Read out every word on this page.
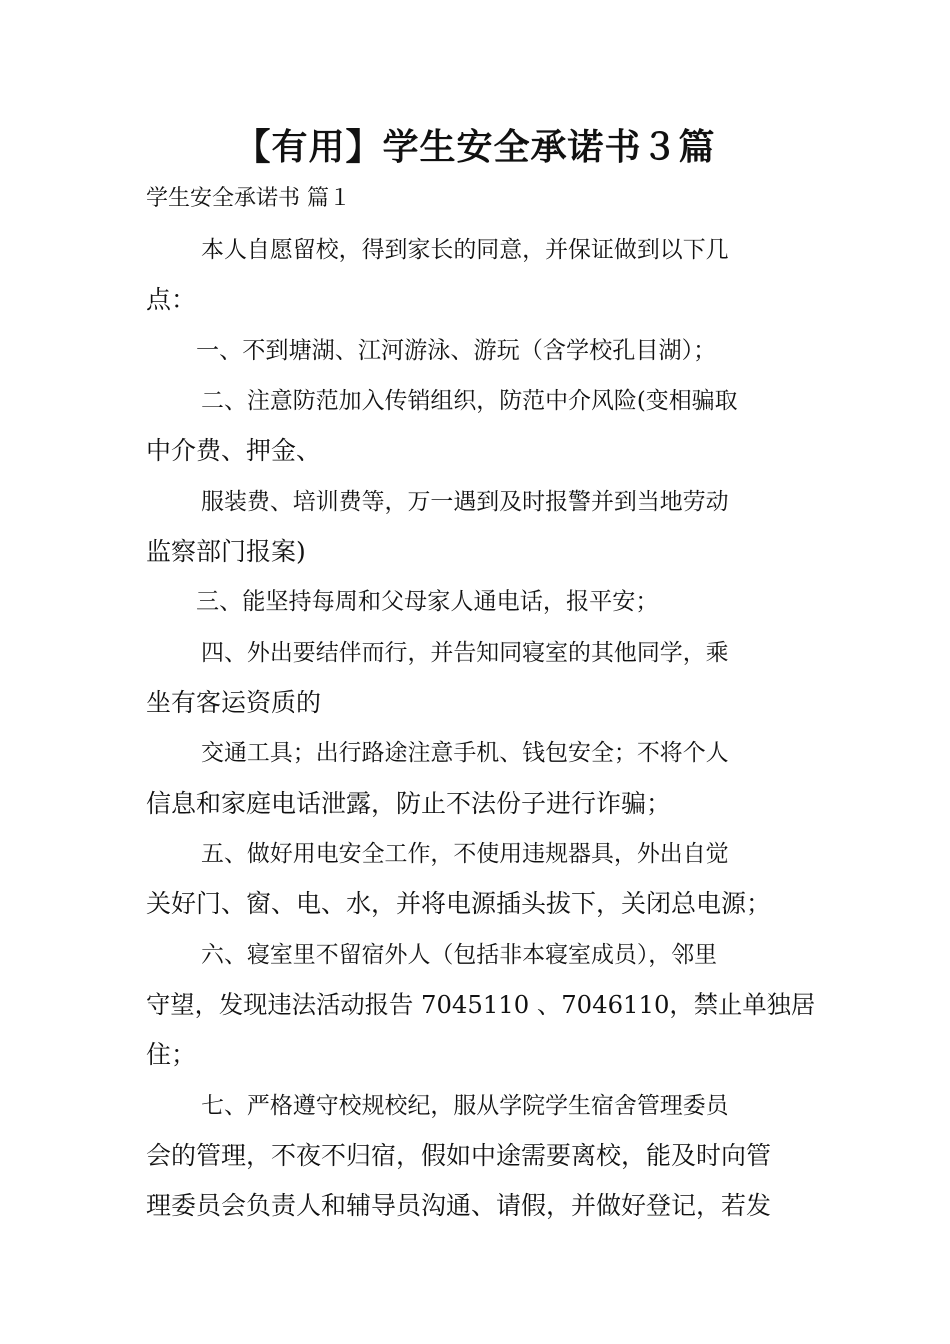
【有用】学生安全承诺书３篇

学生安全承诺书 篇１

本人自愿留校，得到家长的同意，并保证做到以下几

点：

一、不到塘湖、江河游泳、游玩（含学校孔目湖）；

二、注意防范加入传销组织，防范中介风险(变相骗取

中介费、押金、

服装费、培训费等，万一遇到及时报警并到当地劳动

监察部门报案)

三、能坚持每周和父母家人通电话，报平安；

四、外出要结伴而行，并告知同寝室的其他同学，乘

坐有客运资质的

交通工具；出行路途注意手机、钱包安全；不将个人

信息和家庭电话泄露，防止不法份子进行诈骗；

五、做好用电安全工作，不使用违规器具，外出自觉

关好门、窗、电、水，并将电源插头拔下，关闭总电源；

六、寝室里不留宿外人（包括非本寝室成员），邻里

守望，发现违法活动报告 7045110 、7046110，禁止单独居

住；

七、严格遵守校规校纪，服从学院学生宿舍管理委员

会的管理，不夜不归宿，假如中途需要离校，能及时向管

理委员会负责人和辅导员沟通、请假，并做好登记，若发
